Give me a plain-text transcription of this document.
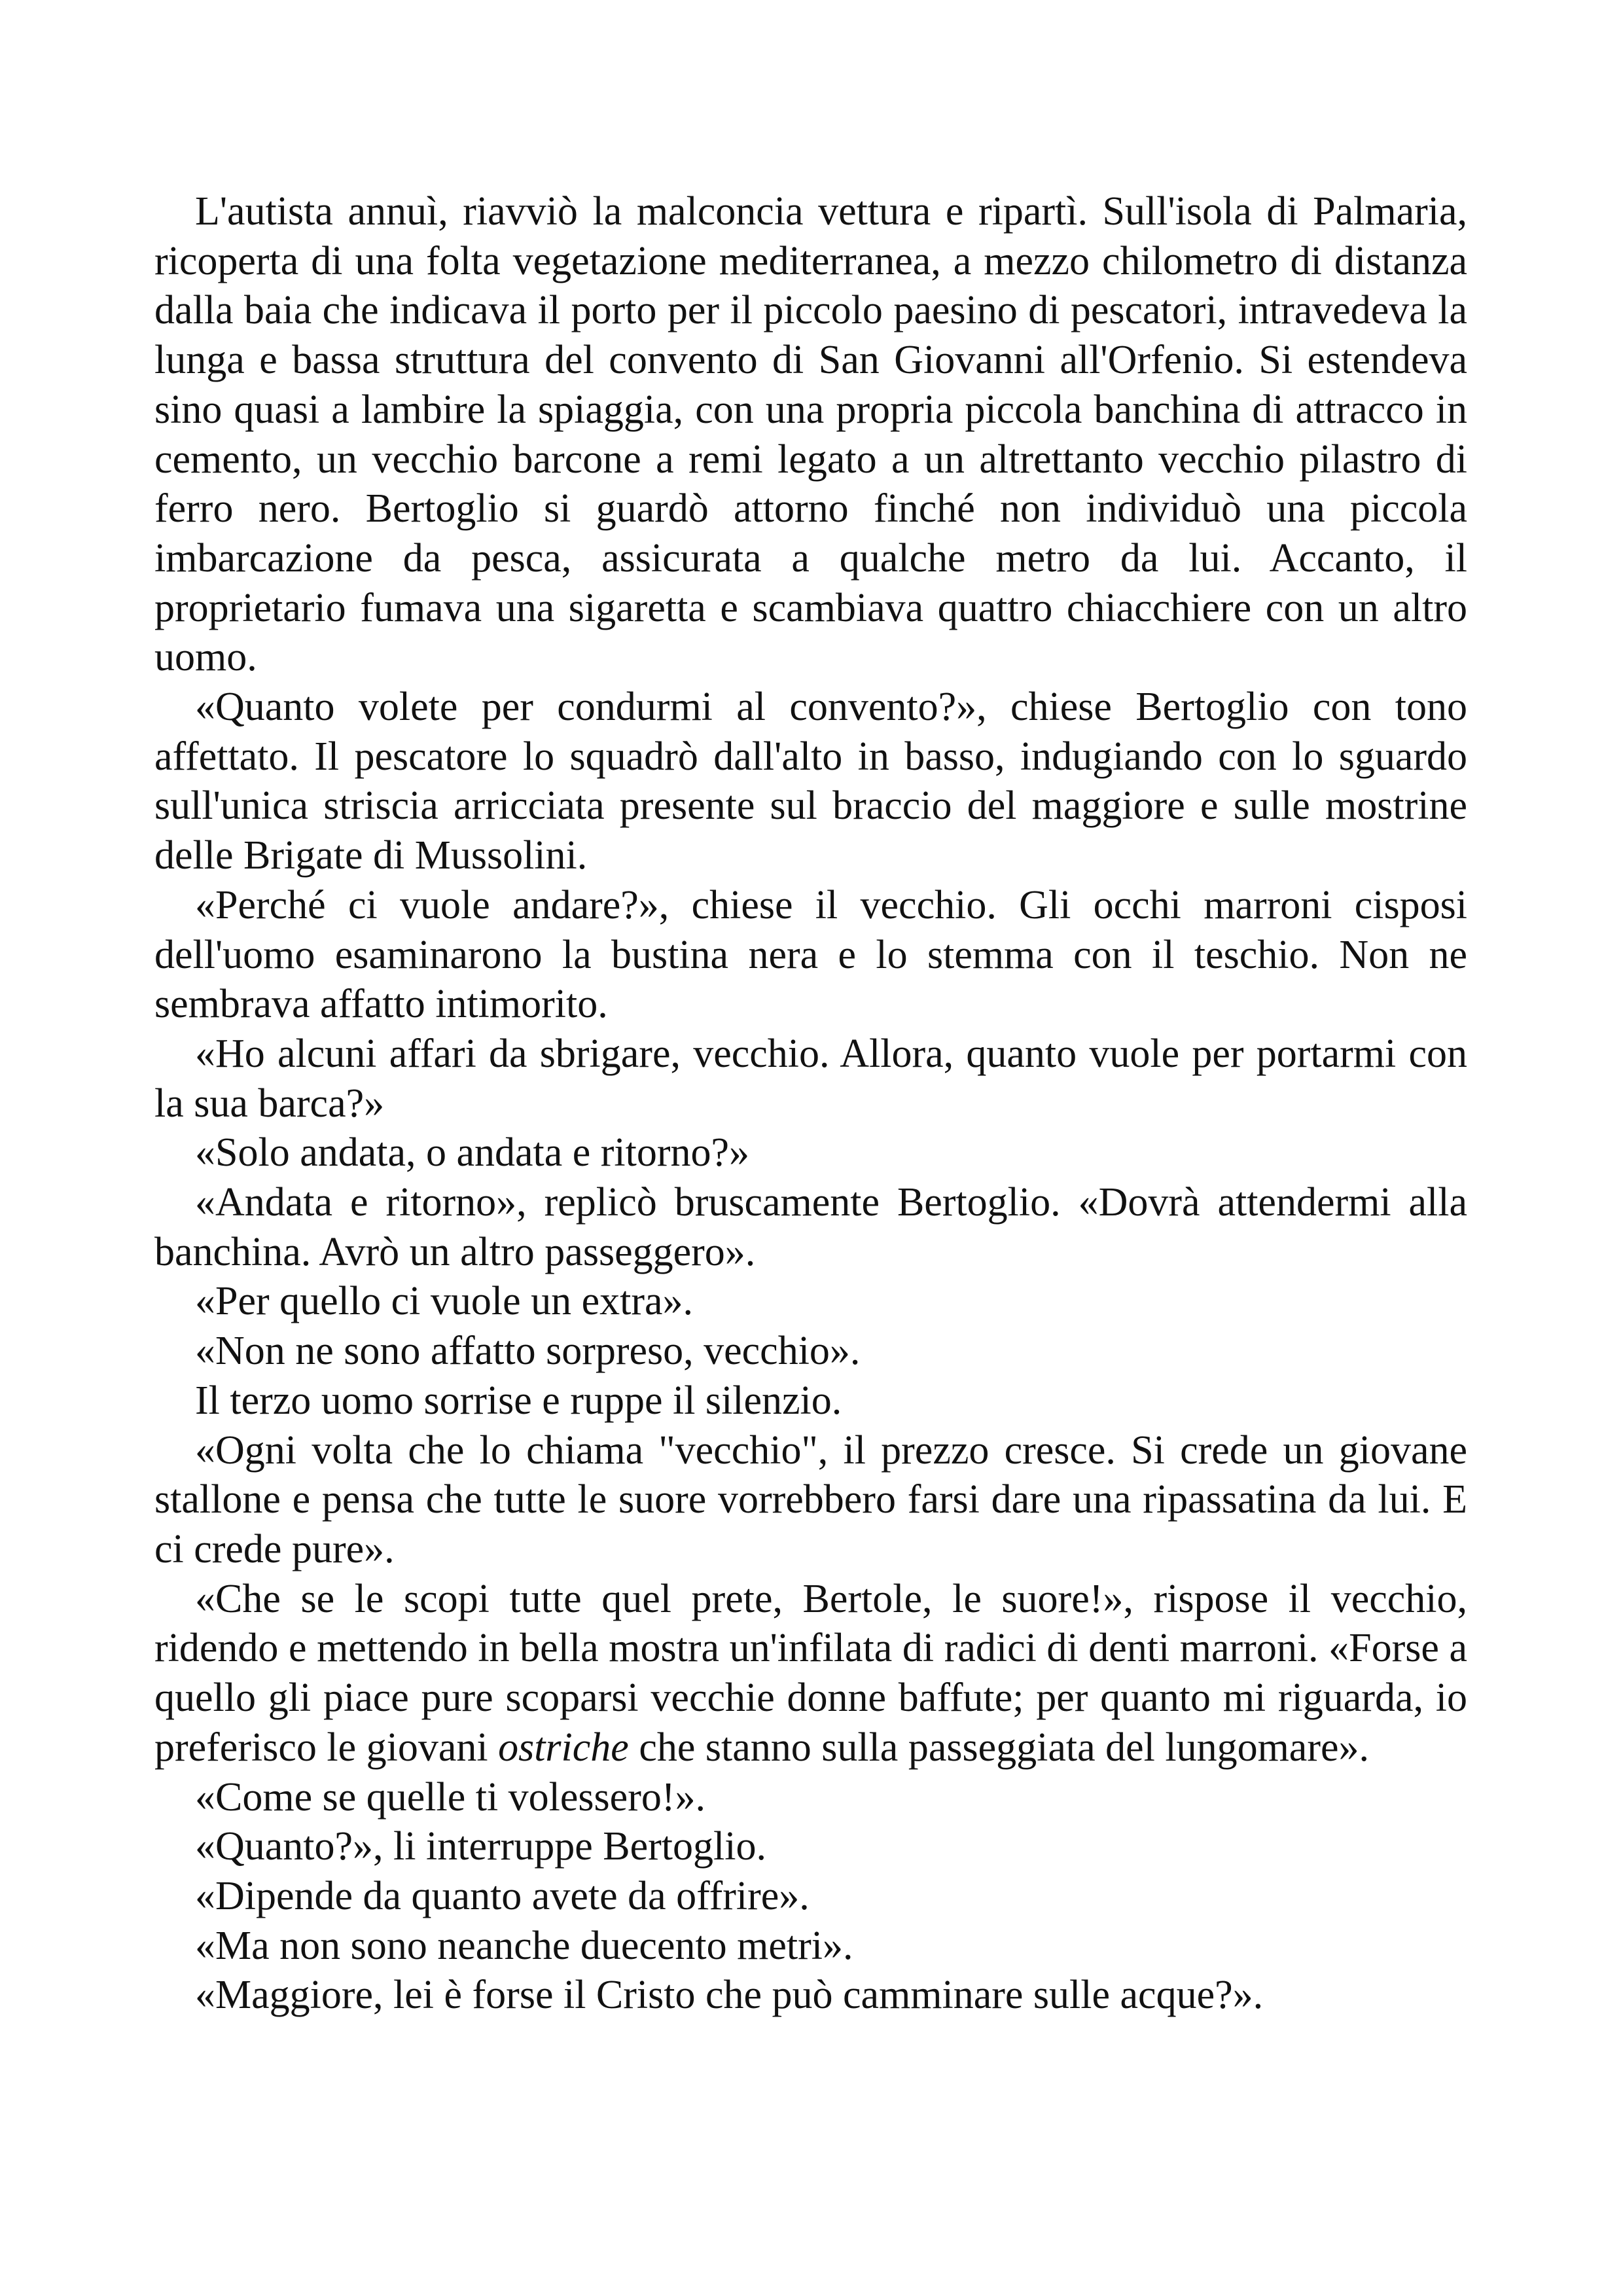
L'autista annuì, riavviò la malconcia vettura e ripartì. Sull'isola di Palmaria, ricoperta di una folta vegetazione mediterranea, a mezzo chilometro di distanza dalla baia che indicava il porto per il piccolo paesino di pescatori, intravedeva la lunga e bassa struttura del convento di San Giovanni all'Orfenio. Si estendeva sino quasi a lambire la spiaggia, con una propria piccola banchina di attracco in cemento, un vecchio barcone a remi legato a un altrettanto vecchio pilastro di ferro nero. Bertoglio si guardò attorno finché non individuò una piccola imbarcazione da pesca, assicurata a qualche metro da lui. Accanto, il proprietario fumava una sigaretta e scambiava quattro chiacchiere con un altro uomo.

«Quanto volete per condurmi al convento?», chiese Bertoglio con tono affettato. Il pescatore lo squadrò dall'alto in basso, indugiando con lo sguardo sull'unica striscia arricciata presente sul braccio del maggiore e sulle mostrine delle Brigate di Mussolini.

«Perché ci vuole andare?», chiese il vecchio. Gli occhi marroni cisposi dell'uomo esaminarono la bustina nera e lo stemma con il teschio. Non ne sembrava affatto intimorito.

«Ho alcuni affari da sbrigare, vecchio. Allora, quanto vuole per portarmi con la sua barca?»

«Solo andata, o andata e ritorno?»

«Andata e ritorno», replicò bruscamente Bertoglio. «Dovrà attendermi alla banchina. Avrò un altro passeggero».

«Per quello ci vuole un extra».

«Non ne sono affatto sorpreso, vecchio».

Il terzo uomo sorrise e ruppe il silenzio.

«Ogni volta che lo chiama "vecchio", il prezzo cresce. Si crede un giovane stallone e pensa che tutte le suore vorrebbero farsi dare una ripassatina da lui. E ci crede pure».

«Che se le scopi tutte quel prete, Bertole, le suore!», rispose il vecchio, ridendo e mettendo in bella mostra un'infilata di radici di denti marroni. «Forse a quello gli piace pure scoparsi vecchie donne baffute; per quanto mi riguarda, io preferisco le giovani ostriche che stanno sulla passeggiata del lungomare».

«Come se quelle ti volessero!».

«Quanto?», li interruppe Bertoglio.

«Dipende da quanto avete da offrire».

«Ma non sono neanche duecento metri».

«Maggiore, lei è forse il Cristo che può camminare sulle acque?».
